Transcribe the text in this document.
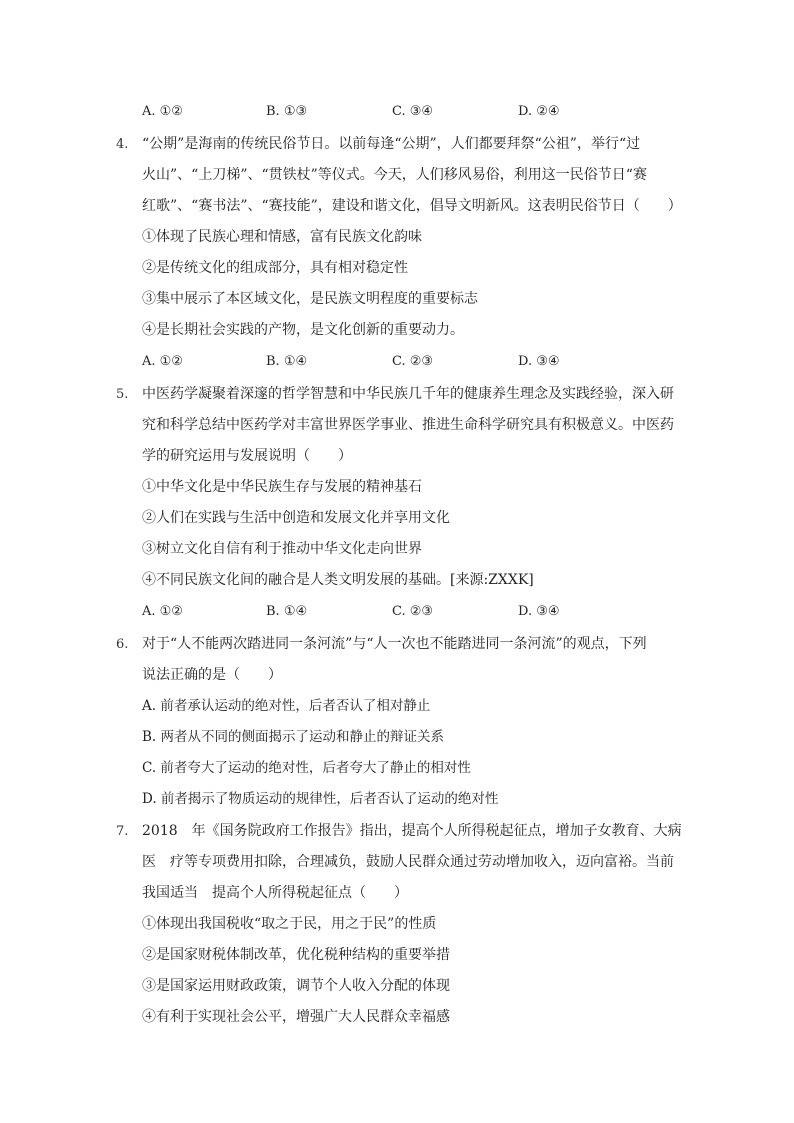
A. ①②	B. ①③	C. ③④	D. ②④
4. “公期”是海南的传统民俗节日。以前每逢“公期”，人们都要拜祭“公祖”，举行“过
火山”、“上刀梯”、“贯铁杖”等仪式。今天，人们移风易俗，利用这一民俗节日“赛
红歌”、“赛书法”、“赛技能”，建设和谐文化，倡导文明新风。这表明民俗节日（　　）
①体现了民族心理和情感，富有民族文化韵味
②是传统文化的组成部分，具有相对稳定性
③集中展示了本区域文化，是民族文明程度的重要标志
④是长期社会实践的产物，是文化创新的重要动力。
A. ①②	B. ①④	C. ②③	D. ③④
5. 中医药学凝聚着深邃的哲学智慧和中华民族几千年的健康养生理念及实践经验，深入研
究和科学总结中医药学对丰富世界医学事业、推进生命科学研究具有积极意义。中医药
学的研究运用与发展说明（　　）
①中华文化是中华民族生存与发展的精神基石
②人们在实践与生活中创造和发展文化并享用文化
③树立文化自信有利于推动中华文化走向世界
④不同民族文化间的融合是人类文明发展的基础。[来源:ZXXK]
A. ①②	B. ①④	C. ②③	D. ③④
6. 对于“人不能两次踏进同一条河流”与“人一次也不能踏进同一条河流”的观点，下列
说法正确的是（　　）
A. 前者承认运动的绝对性，后者否认了相对静止
B. 两者从不同的侧面揭示了运动和静止的辩证关系
C. 前者夸大了运动的绝对性，后者夸大了静止的相对性
D. 前者揭示了物质运动的规律性，后者否认了运动的绝对性
7. 2018　年《国务院政府工作报告》指出，提高个人所得税起征点，增加子女教育、大病
医　疗等专项费用扣除，合理减负，鼓励人民群众通过劳动增加收入，迈向富裕。当前
我国适当　提高个人所得税起征点（　　）
①体现出我国税收“取之于民，用之于民”的性质
②是国家财税体制改革，优化税种结构的重要举措
③是国家运用财政政策，调节个人收入分配的体现
④有利于实现社会公平，增强广大人民群众幸福感
